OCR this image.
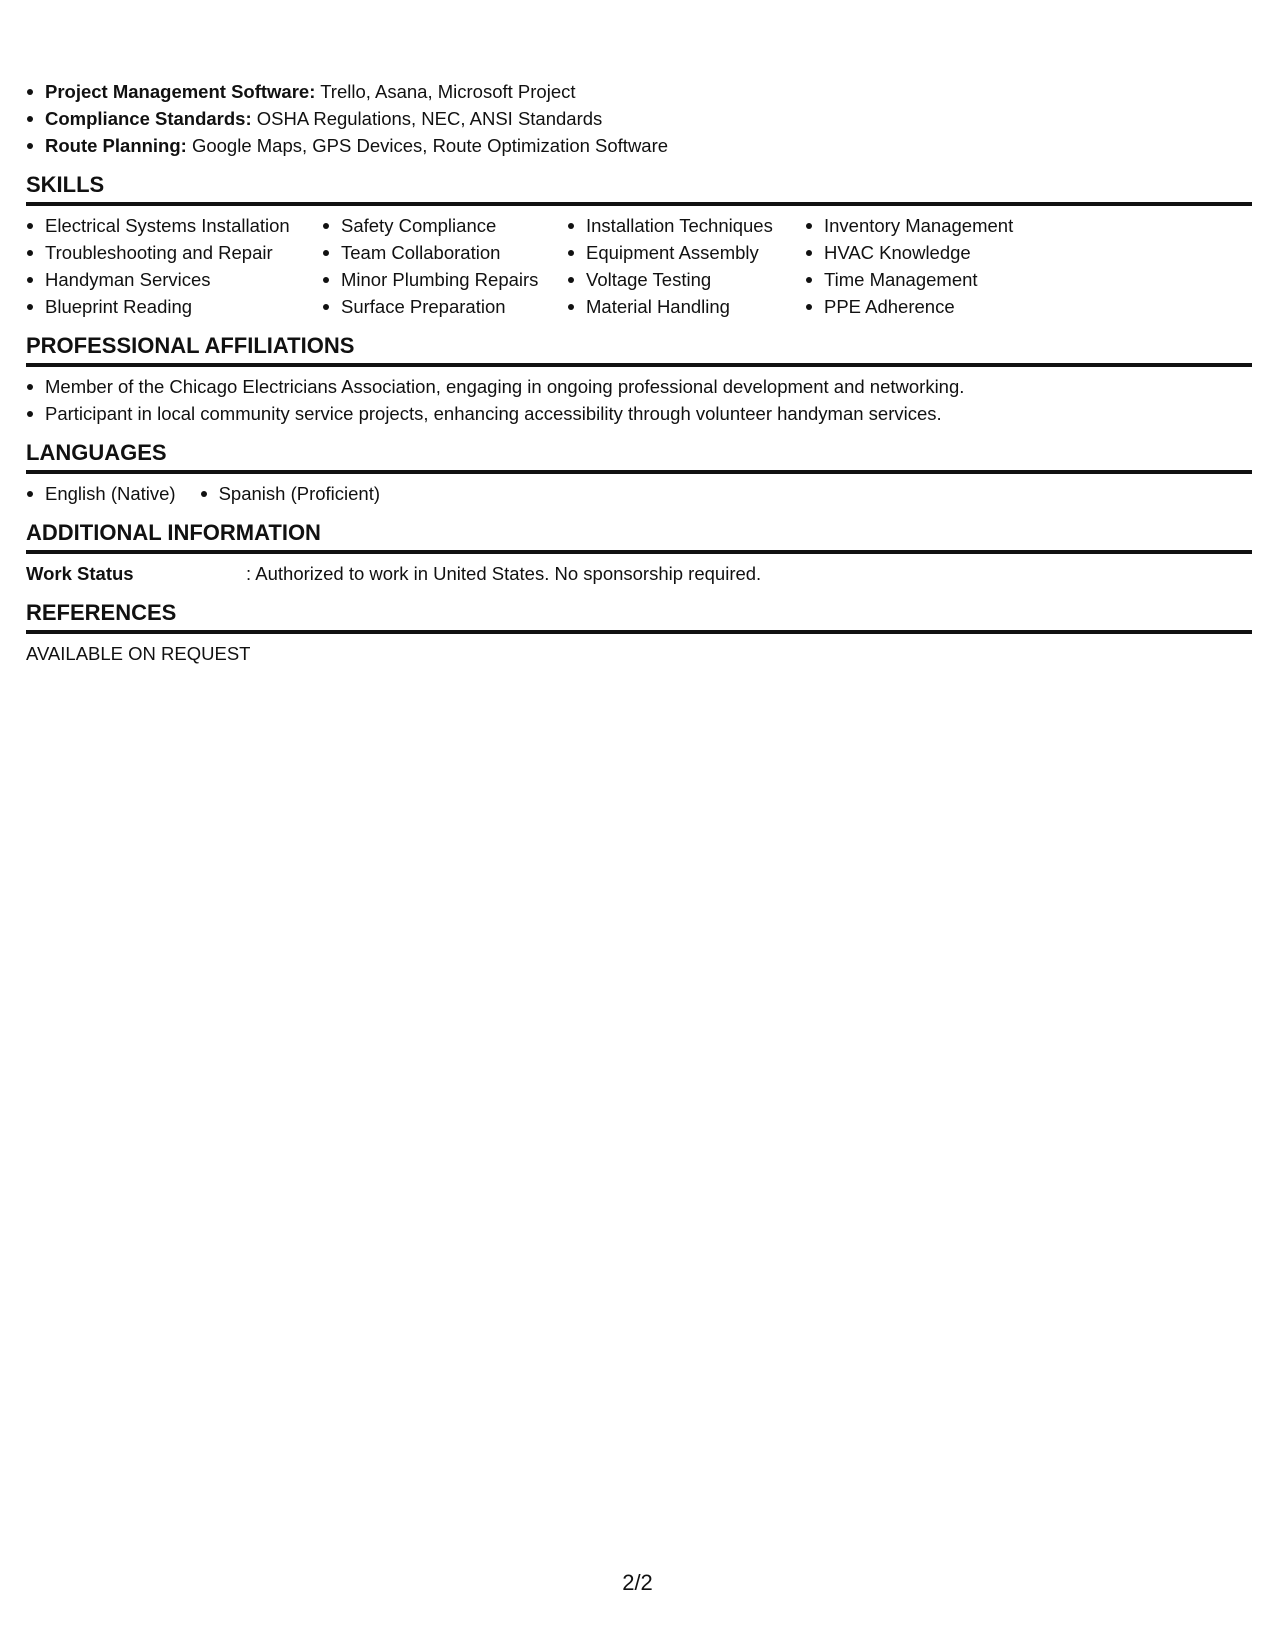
Project Management Software: Trello, Asana, Microsoft Project
Compliance Standards: OSHA Regulations, NEC, ANSI Standards
Route Planning: Google Maps, GPS Devices, Route Optimization Software
SKILLS
Electrical Systems Installation
Troubleshooting and Repair
Handyman Services
Blueprint Reading
Safety Compliance
Team Collaboration
Minor Plumbing Repairs
Surface Preparation
Installation Techniques
Equipment Assembly
Voltage Testing
Material Handling
Inventory Management
HVAC Knowledge
Time Management
PPE Adherence
PROFESSIONAL AFFILIATIONS
Member of the Chicago Electricians Association, engaging in ongoing professional development and networking.
Participant in local community service projects, enhancing accessibility through volunteer handyman services.
LANGUAGES
English (Native)	Spanish (Proficient)
ADDITIONAL INFORMATION
Work Status	: Authorized to work in United States. No sponsorship required.
REFERENCES
AVAILABLE ON REQUEST
2/2
